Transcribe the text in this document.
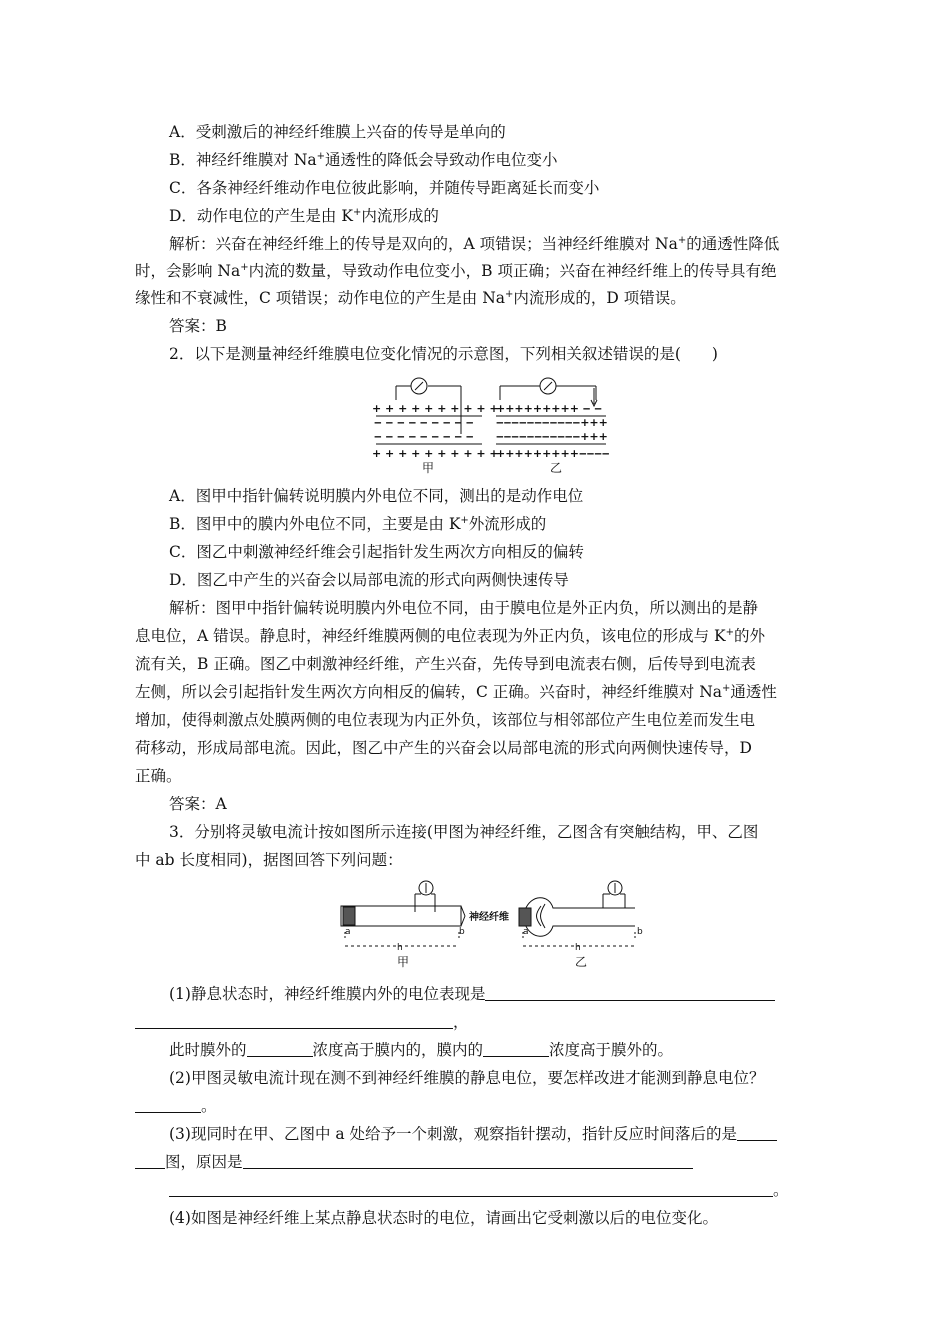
A．受刺激后的神经纤维膜上兴奋的传导是单向的
B．神经纤维膜对 Na+通透性的降低会导致动作电位变小
C．各条神经纤维动作电位彼此影响，并随传导距离延长而变小
D．动作电位的产生是由 K+内流形成的
解析：兴奋在神经纤维上的传导是双向的，A 项错误；当神经纤维膜对 Na+的通透性降低
时，会影响 Na+内流的数量，导致动作电位变小，B 项正确；兴奋在神经纤维上的传导具有绝
缘性和不衰减性，C 项错误；动作电位的产生是由 Na+内流形成的，D 项错误。
答案：B
2．以下是测量神经纤维膜电位变化情况的示意图，下列相关叙述错误的是(　　)
+ + + + + + + + + +
‒ ‒ ‒ ‒ ‒ ‒ ‒ ‒ ‒
‒ ‒ ‒ ‒ ‒ ‒ ‒ ‒ ‒
+ + + + + + + + + +
+++++++++ ‒ ‒
‒‒‒‒‒‒‒‒‒‒‒+++
‒‒‒‒‒‒‒‒‒‒‒+++
+++++++++‒‒‒‒
甲	乙
A．图甲中指针偏转说明膜内外电位不同，测出的是动作电位
B．图甲中的膜内外电位不同，主要是由 K+外流形成的
C．图乙中刺激神经纤维会引起指针发生两次方向相反的偏转
D．图乙中产生的兴奋会以局部电流的形式向两侧快速传导
解析：图甲中指针偏转说明膜内外电位不同，由于膜电位是外正内负，所以测出的是静
息电位，A 错误。静息时，神经纤维膜两侧的电位表现为外正内负，该电位的形成与 K+的外
流有关，B 正确。图乙中刺激神经纤维，产生兴奋，先传导到电流表右侧，后传导到电流表
左侧，所以会引起指针发生两次方向相反的偏转，C 正确。兴奋时，神经纤维膜对 Na+通透性
增加，使得刺激点处膜两侧的电位表现为内正外负，该部位与相邻部位产生电位差而发生电
荷移动，形成局部电流。因此，图乙中产生的兴奋会以局部电流的形式向两侧快速传导，D
正确。
答案：A
3．分别将灵敏电流计按如图所示连接(甲图为神经纤维，乙图含有突触结构，甲、乙图
中 ab 长度相同)，据图回答下列问题：
a	b
h
a	b
h
神经纤维
甲	乙
(1)静息状态时，神经纤维膜内外的电位表现是
，
此时膜外的	浓度高于膜内的，膜内的	浓度高于膜外的。
(2)甲图灵敏电流计现在测不到神经纤维膜的静息电位，要怎样改进才能测到静息电位？
。
(3)现同时在甲、乙图中 a 处给予一个刺激，观察指针摆动，指针反应时间落后的是
图，原因是
。
(4)如图是神经纤维上某点静息状态时的电位，请画出它受刺激以后的电位变化。
